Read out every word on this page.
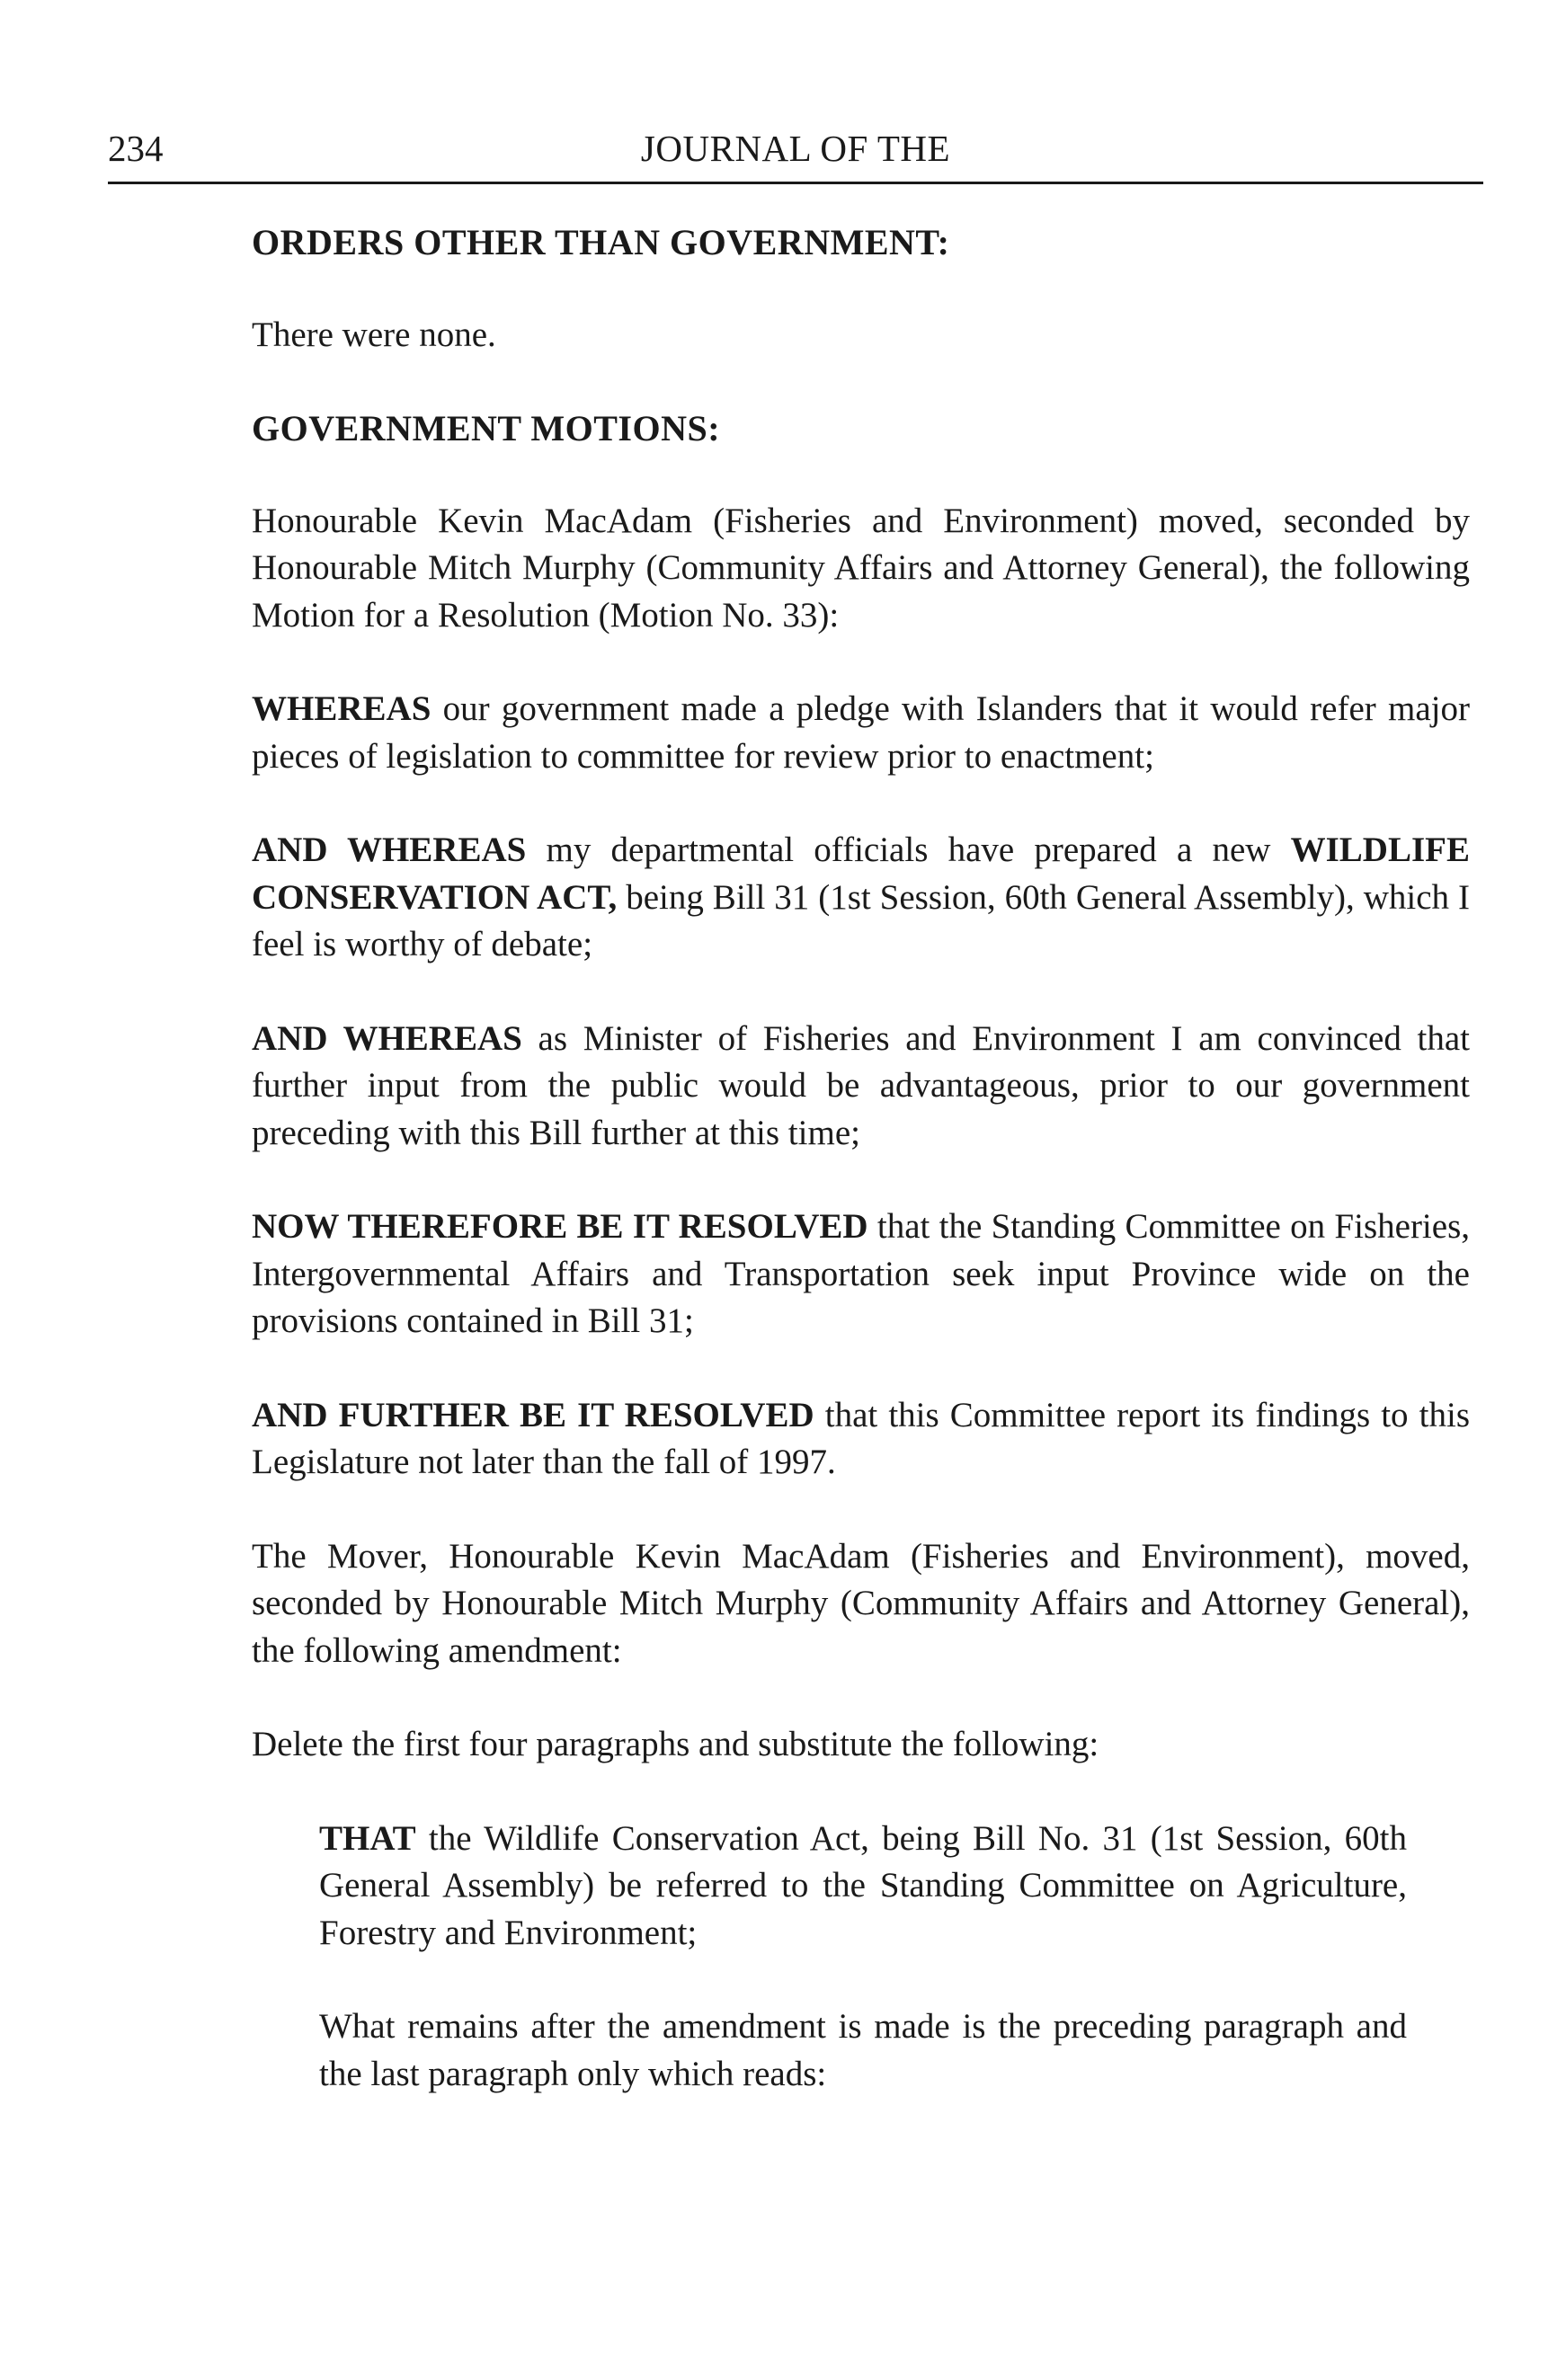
234	JOURNAL OF THE
ORDERS OTHER THAN GOVERNMENT:

There were none.

GOVERNMENT MOTIONS:

Honourable Kevin MacAdam (Fisheries and Environment) moved, seconded by Honourable Mitch Murphy (Community Affairs and Attorney General), the following Motion for a Resolution (Motion No. 33):

WHEREAS our government made a pledge with Islanders that it would refer major pieces of legislation to committee for review prior to enactment;

AND WHEREAS my departmental officials have prepared a new WILDLIFE CONSERVATION ACT, being Bill 31 (1st Session, 60th General Assembly), which I feel is worthy of debate;

AND WHEREAS as Minister of Fisheries and Environment I am convinced that further input from the public would be advantageous, prior to our government preceding with this Bill further at this time;

NOW THEREFORE BE IT RESOLVED that the Standing Committee on Fisheries, Intergovernmental Affairs and Transportation seek input Province wide on the provisions contained in Bill 31;

AND FURTHER BE IT RESOLVED that this Committee report its findings to this Legislature not later than the fall of 1997.

The Mover, Honourable Kevin MacAdam (Fisheries and Environment), moved, seconded by Honourable Mitch Murphy (Community Affairs and Attorney General), the following amendment:

Delete the first four paragraphs and substitute the following:

THAT the Wildlife Conservation Act, being Bill No. 31 (1st Session, 60th General Assembly) be referred to the Standing Committee on Agriculture, Forestry and Environment;

What remains after the amendment is made is the preceding paragraph and the last paragraph only which reads:
